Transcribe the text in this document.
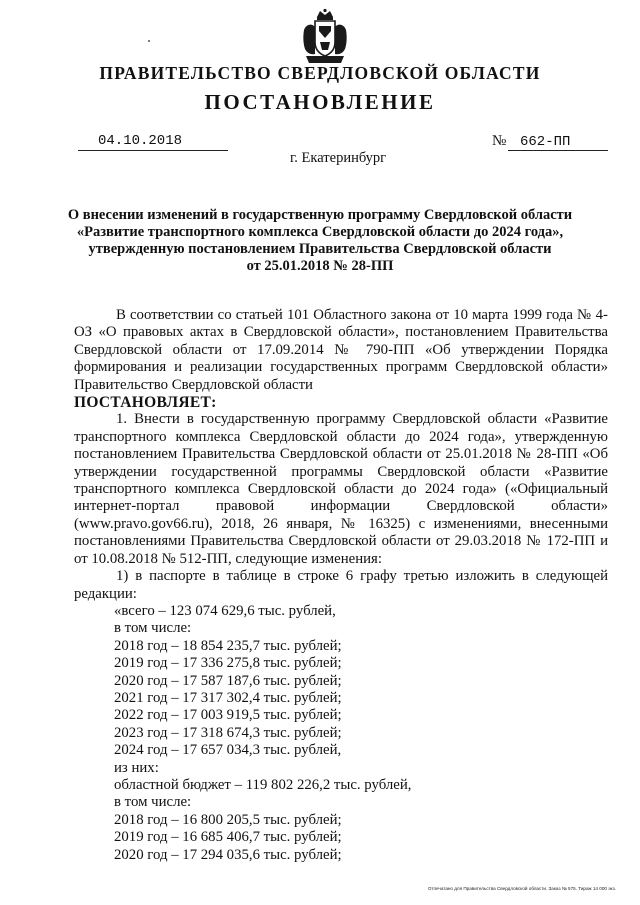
ПРАВИТЕЛЬСТВО СВЕРДЛОВСКОЙ ОБЛАСТИ
ПОСТАНОВЛЕНИЕ
04.10.2018	№ 662-ПП
г. Екатеринбург
О внесении изменений в государственную программу Свердловской области
«Развитие транспортного комплекса Свердловской области до 2024 года»,
утвержденную постановлением Правительства Свердловской области
от 25.01.2018 № 28-ПП

В соответствии со статьей 101 Областного закона от 10 марта 1999 года № 4-ОЗ «О правовых актах в Свердловской области», постановлением Правительства Свердловской области от 17.09.2014 № 790-ПП «Об утверждении Порядка формирования и реализации государственных программ Свердловской области» Правительство Свердловской области

ПОСТАНОВЛЯЕТ:

1. Внести в государственную программу Свердловской области «Развитие транспортного комплекса Свердловской области до 2024 года», утвержденную постановлением Правительства Свердловской области от 25.01.2018 № 28-ПП «Об утверждении государственной программы Свердловской области «Развитие транспортного комплекса Свердловской области до 2024 года» («Официальный интернет-портал правовой информации Свердловской области» (www.pravo.gov66.ru), 2018, 26 января, № 16325) с изменениями, внесенными постановлениями Правительства Свердловской области от 29.03.2018 № 172-ПП и от 10.08.2018 № 512-ПП, следующие изменения:

1) в паспорте в таблице в строке 6 графу третью изложить в следующей редакции:

«всего – 123 074 629,6 тыс. рублей,
в том числе:
2018 год – 18 854 235,7 тыс. рублей;
2019 год – 17 336 275,8 тыс. рублей;
2020 год – 17 587 187,6 тыс. рублей;
2021 год – 17 317 302,4 тыс. рублей;
2022 год – 17 003 919,5 тыс. рублей;
2023 год – 17 318 674,3 тыс. рублей;
2024 год – 17 657 034,3 тыс. рублей,
из них:
областной бюджет – 119 802 226,2 тыс. рублей,
в том числе:
2018 год – 16 800 205,5 тыс. рублей;
2019 год – 16 685 406,7 тыс. рублей;
2020 год – 17 294 035,6 тыс. рублей;
Отпечатано для Правительства Свердловской области. Заказ № 575. Тираж 14 000 экз.
